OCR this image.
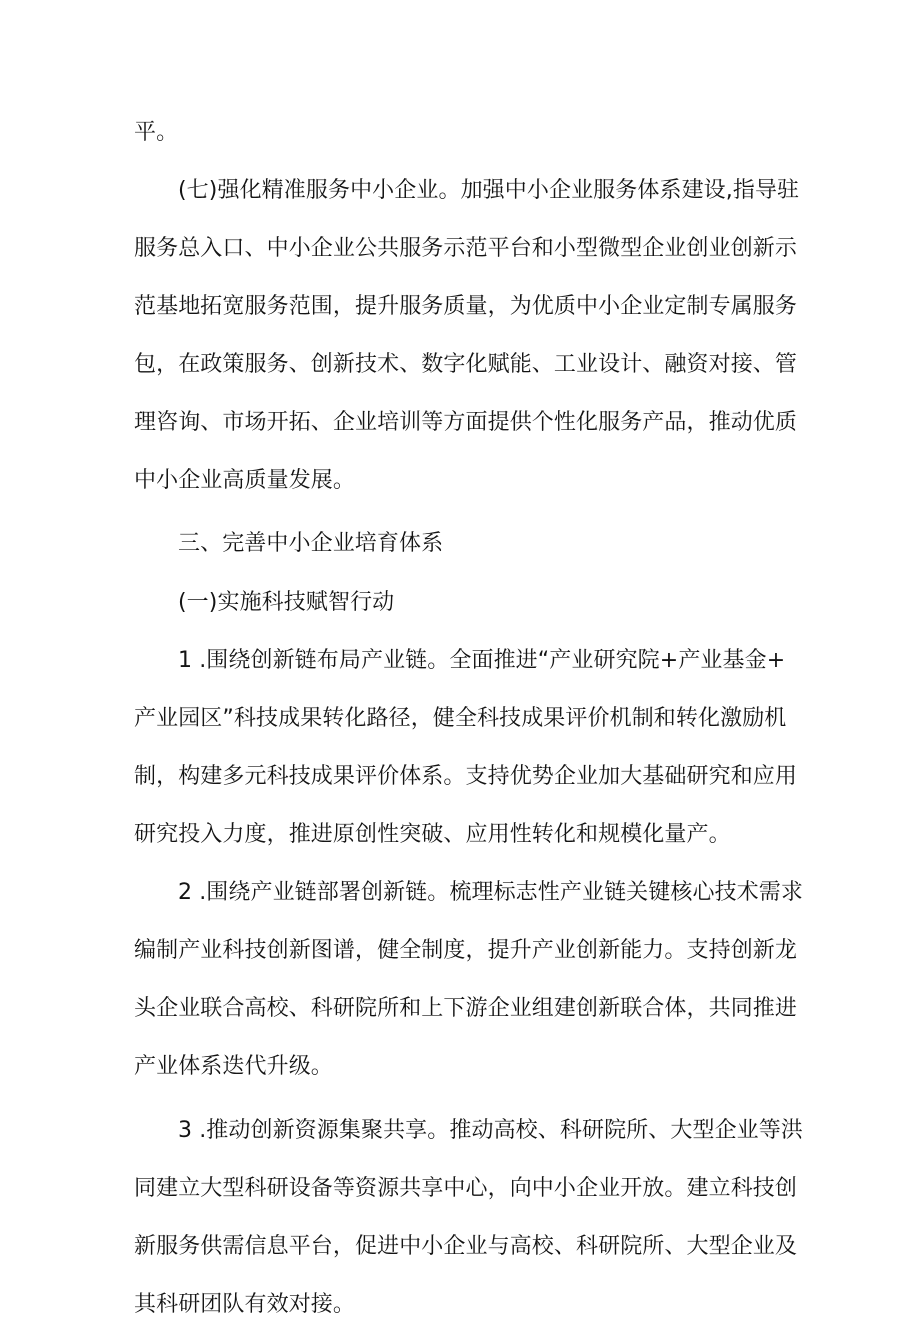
平。
(七)强化精准服务中小企业。加强中小企业服务体系建设,指导驻
服务总入口、中小企业公共服务示范平台和小型微型企业创业创新示
范基地拓宽服务范围，提升服务质量，为优质中小企业定制专属服务
包，在政策服务、创新技术、数字化赋能、工业设计、融资对接、管
理咨询、市场开拓、企业培训等方面提供个性化服务产品，推动优质
中小企业高质量发展。
三、完善中小企业培育体系
(一)实施科技赋智行动
1 .围绕创新链布局产业链。全面推进“产业研究院+产业基金+
产业园区”科技成果转化路径，健全科技成果评价机制和转化激励机
制，构建多元科技成果评价体系。支持优势企业加大基础研究和应用
研究投入力度，推进原创性突破、应用性转化和规模化量产。
2 .围绕产业链部署创新链。梳理标志性产业链关键核心技术需求
编制产业科技创新图谱，健全制度，提升产业创新能力。支持创新龙
头企业联合高校、科研院所和上下游企业组建创新联合体，共同推进
产业体系迭代升级。
3 .推动创新资源集聚共享。推动高校、科研院所、大型企业等洪
同建立大型科研设备等资源共享中心，向中小企业开放。建立科技创
新服务供需信息平台，促进中小企业与高校、科研院所、大型企业及
其科研团队有效对接。
